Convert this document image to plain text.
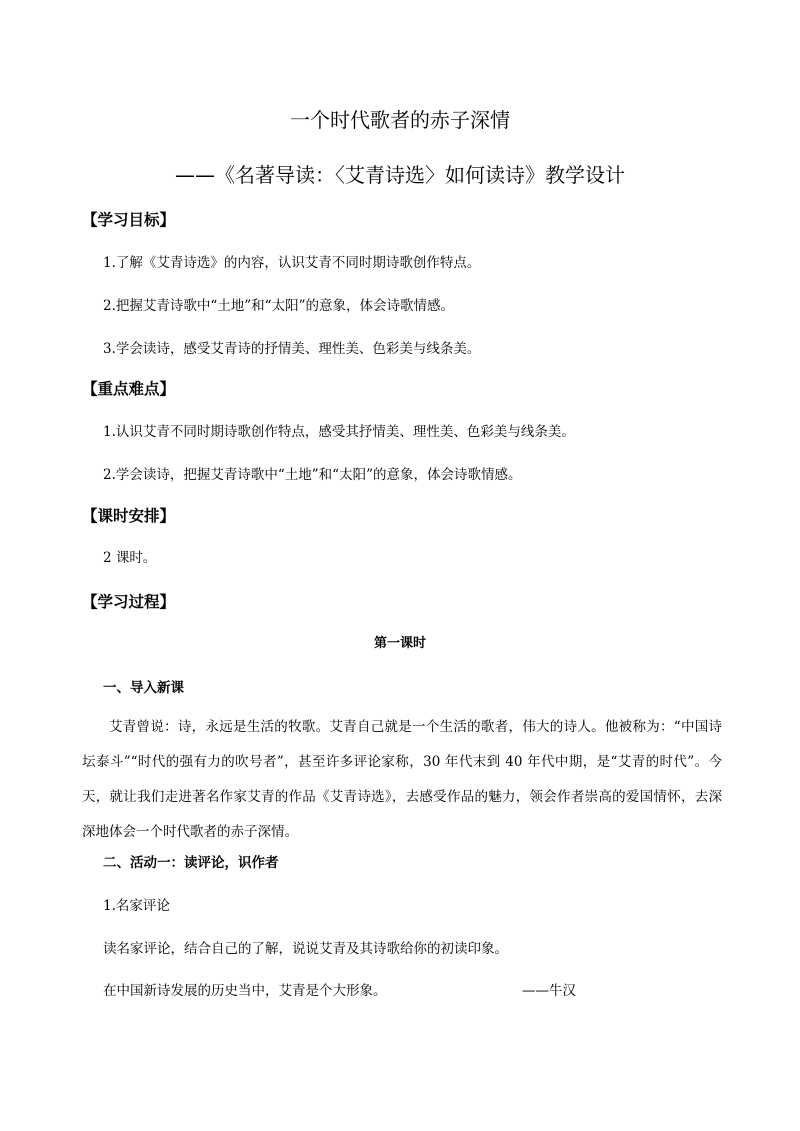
一个时代歌者的赤子深情
——《名著导读：〈艾青诗选〉如何读诗》教学设计
【学习目标】
1.了解《艾青诗选》的内容，认识艾青不同时期诗歌创作特点。
2.把握艾青诗歌中“土地”和“太阳”的意象，体会诗歌情感。
3.学会读诗，感受艾青诗的抒情美、理性美、色彩美与线条美。
【重点难点】
1.认识艾青不同时期诗歌创作特点，感受其抒情美、理性美、色彩美与线条美。
2.学会读诗，把握艾青诗歌中“土地”和“太阳”的意象，体会诗歌情感。
【课时安排】
2 课时。
【学习过程】
第一课时
一、导入新课
艾青曾说：诗，永远是生活的牧歌。艾青自己就是一个生活的歌者，伟大的诗人。他被称为：“中国诗坛泰斗”“时代的强有力的吹号者”，甚至许多评论家称，30 年代末到 40 年代中期，是“艾青的时代”。今天，就让我们走进著名作家艾青的作品《艾青诗选》，去感受作品的魅力，领会作者崇高的爱国情怀，去深深地体会一个时代歌者的赤子深情。
二、活动一：读评论，识作者
1.名家评论
读名家评论，结合自己的了解，说说艾青及其诗歌给你的初读印象。
在中国新诗发展的历史当中，艾青是个大形象。	——牛汉
